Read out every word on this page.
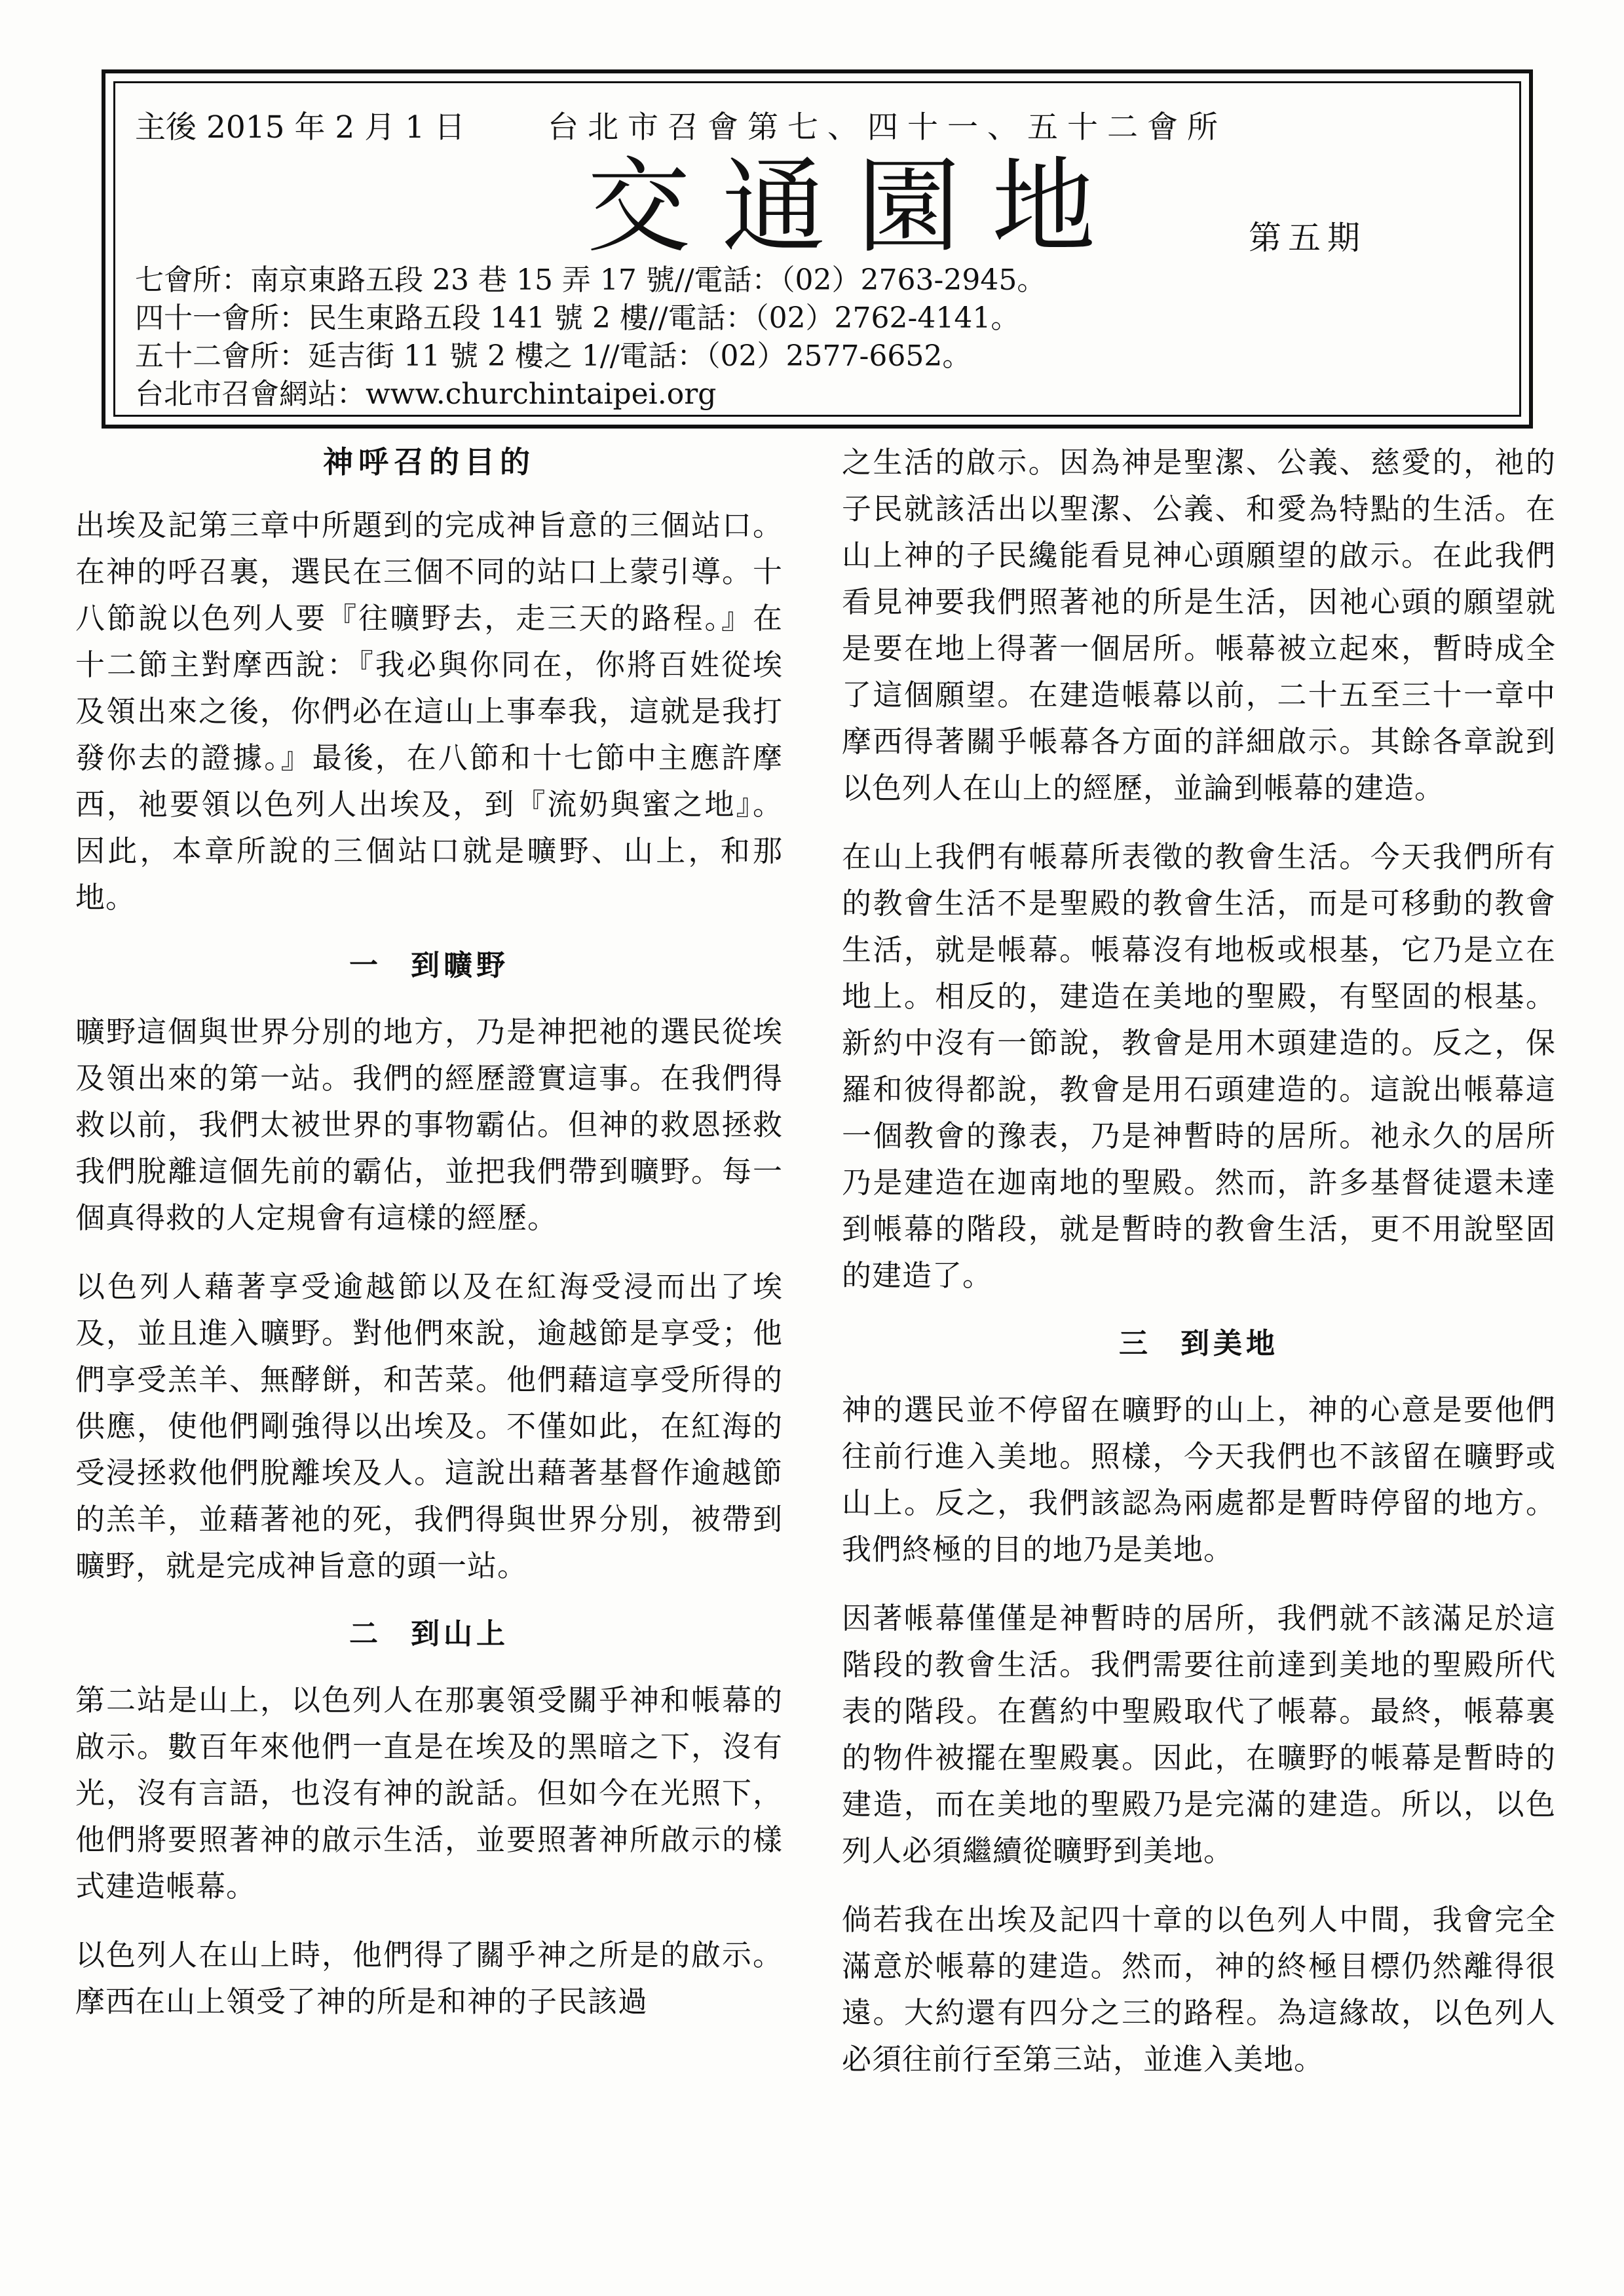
主後 2015 年 2 月 1 日	台北市召會第七、四十一、五十二會所
交通園地	第五期
七會所：南京東路五段 23 巷 15 弄 17 號//電話：（02）2763-2945。
四十一會所：民生東路五段 141 號 2 樓//電話：（02）2762-4141。
五十二會所：延吉街 11 號 2 樓之 1//電話：（02）2577-6652。
台北市召會網站：www.churchintaipei.org
神呼召的目的

出埃及記第三章中所題到的完成神旨意的三個站口。在神的呼召裏，選民在三個不同的站口上蒙引導。十八節說以色列人要『往曠野去，走三天的路程。』在十二節主對摩西說：『我必與你同在，你將百姓從埃及領出來之後，你們必在這山上事奉我，這就是我打發你去的證據。』最後，在八節和十七節中主應許摩西，祂要領以色列人出埃及，到『流奶與蜜之地』。因此，本章所說的三個站口就是曠野、山上，和那地。

一 到曠野

曠野這個與世界分別的地方，乃是神把祂的選民從埃及領出來的第一站。我們的經歷證實這事。在我們得救以前，我們太被世界的事物霸佔。但神的救恩拯救我們脫離這個先前的霸佔，並把我們帶到曠野。每一個真得救的人定規會有這樣的經歷。

以色列人藉著享受逾越節以及在紅海受浸而出了埃及，並且進入曠野。對他們來說，逾越節是享受；他們享受羔羊、無酵餅，和苦菜。他們藉這享受所得的供應，使他們剛強得以出埃及。不僅如此，在紅海的受浸拯救他們脫離埃及人。這說出藉著基督作逾越節的羔羊，並藉著祂的死，我們得與世界分別，被帶到曠野，就是完成神旨意的頭一站。

二 到山上

第二站是山上，以色列人在那裏領受關乎神和帳幕的啟示。數百年來他們一直是在埃及的黑暗之下，沒有光，沒有言語，也沒有神的說話。但如今在光照下，他們將要照著神的啟示生活，並要照著神所啟示的樣式建造帳幕。

以色列人在山上時，他們得了關乎神之所是的啟示。摩西在山上領受了神的所是和神的子民該過

之生活的啟示。因為神是聖潔、公義、慈愛的，祂的子民就該活出以聖潔、公義、和愛為特點的生活。在山上神的子民纔能看見神心頭願望的啟示。在此我們看見神要我們照著祂的所是生活，因祂心頭的願望就是要在地上得著一個居所。帳幕被立起來，暫時成全了這個願望。在建造帳幕以前，二十五至三十一章中摩西得著關乎帳幕各方面的詳細啟示。其餘各章說到以色列人在山上的經歷，並論到帳幕的建造。

在山上我們有帳幕所表徵的教會生活。今天我們所有的教會生活不是聖殿的教會生活，而是可移動的教會生活，就是帳幕。帳幕沒有地板或根基，它乃是立在地上。相反的，建造在美地的聖殿，有堅固的根基。新約中沒有一節說，教會是用木頭建造的。反之，保羅和彼得都說，教會是用石頭建造的。這說出帳幕這一個教會的豫表，乃是神暫時的居所。祂永久的居所乃是建造在迦南地的聖殿。然而，許多基督徒還未達到帳幕的階段，就是暫時的教會生活，更不用說堅固的建造了。

三 到美地

神的選民並不停留在曠野的山上，神的心意是要他們往前行進入美地。照樣，今天我們也不該留在曠野或山上。反之，我們該認為兩處都是暫時停留的地方。我們終極的目的地乃是美地。

因著帳幕僅僅是神暫時的居所，我們就不該滿足於這階段的教會生活。我們需要往前達到美地的聖殿所代表的階段。在舊約中聖殿取代了帳幕。最終，帳幕裏的物件被擺在聖殿裏。因此，在曠野的帳幕是暫時的建造，而在美地的聖殿乃是完滿的建造。所以，以色列人必須繼續從曠野到美地。

倘若我在出埃及記四十章的以色列人中間，我會完全滿意於帳幕的建造。然而，神的終極目標仍然離得很遠。大約還有四分之三的路程。為這緣故，以色列人必須往前行至第三站，並進入美地。
